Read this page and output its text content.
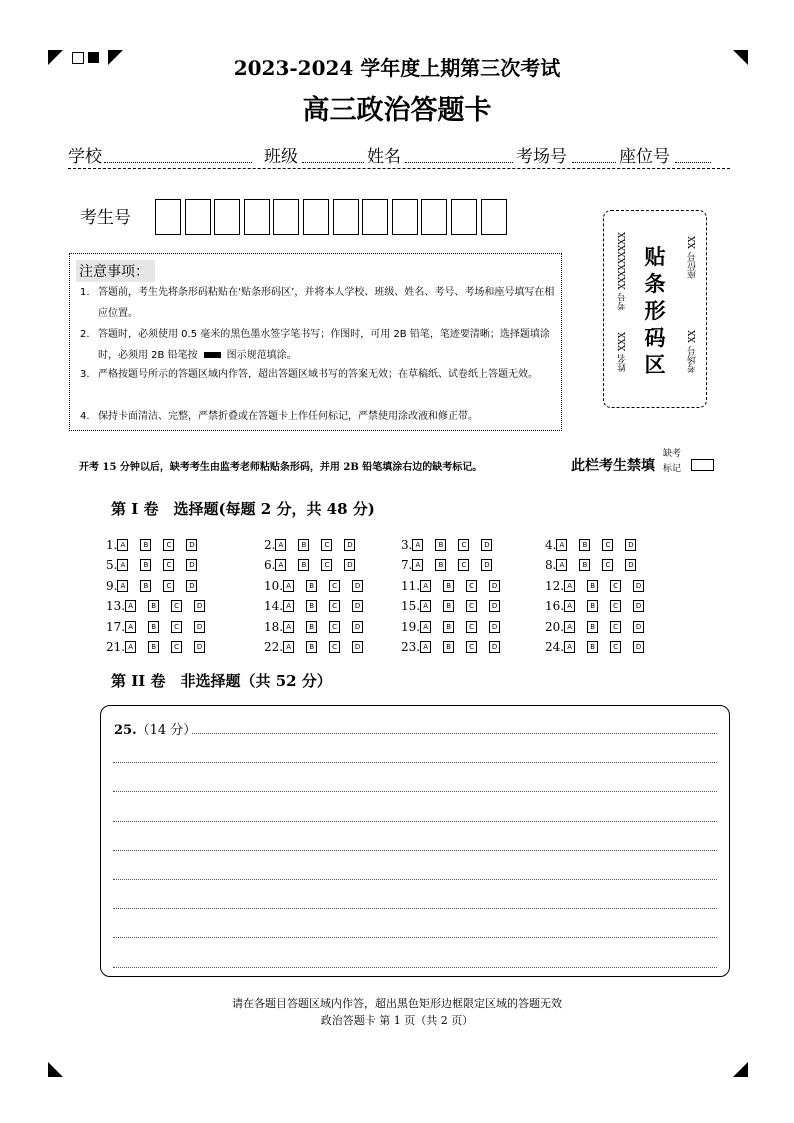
2023-2024 学年度上期第三次考试
高三政治答题卡
学校	班级	姓名	考场号	座位号
考生号
注意事项：
1. 答题前，考生先将条形码粘贴在‘贴条形码区’，并将本人学校、班级、姓名、考号、考场和座号填写在相应位置。
2. 答题时，必须使用 0.5 毫米的黑色墨水签字笔书写；作图时，可用 2B 铅笔，笔迹要清晰；选择题填涂时，必须用 2B 铅笔按	图示规范填涂。
3. 严格按题号所示的答题区域内作答，超出答题区域书写的答案无效；在草稿纸、试卷纸上答题无效。
4. 保持卡面清洁、完整，严禁折叠或在答题卡上作任何标记，严禁使用涂改液和修正带。
贴
条
形
码
区
考号 XXXXXXXXX
姓名 XXX
座位号 XX
考场号 XX
开考 15 分钟以后，缺考考生由监考老师粘贴条形码，并用 2B 铅笔填涂右边的缺考标记。	此栏考生禁填
缺考
标记
第 I 卷　选择题(每题 2 分，共 48 分)
1. A	B	C	D	2. A	B	C	D	3. A	B	C	D	4. A	B	C	D
5. A	B	C	D	6. A	B	C	D	7. A	B	C	D	8. A	B	C	D
9. A	B	C	D	10. A	B	C	D	11. A	B	C	D	12. A	B	C	D
13. A	B	C	D	14. A	B	C	D	15. A	B	C	D	16. A	B	C	D
17. A	B	C	D	18. A	B	C	D	19. A	B	C	D	20. A	B	C	D
21. A	B	C	D	22. A	B	C	D	23. A	B	C	D	24. A	B	C	D
第 II 卷　非选择题（共 52 分）
25.（14 分）
请在各题目答题区域内作答，超出黑色矩形边框限定区域的答题无效
政治答题卡 第 1 页（共 2 页）
